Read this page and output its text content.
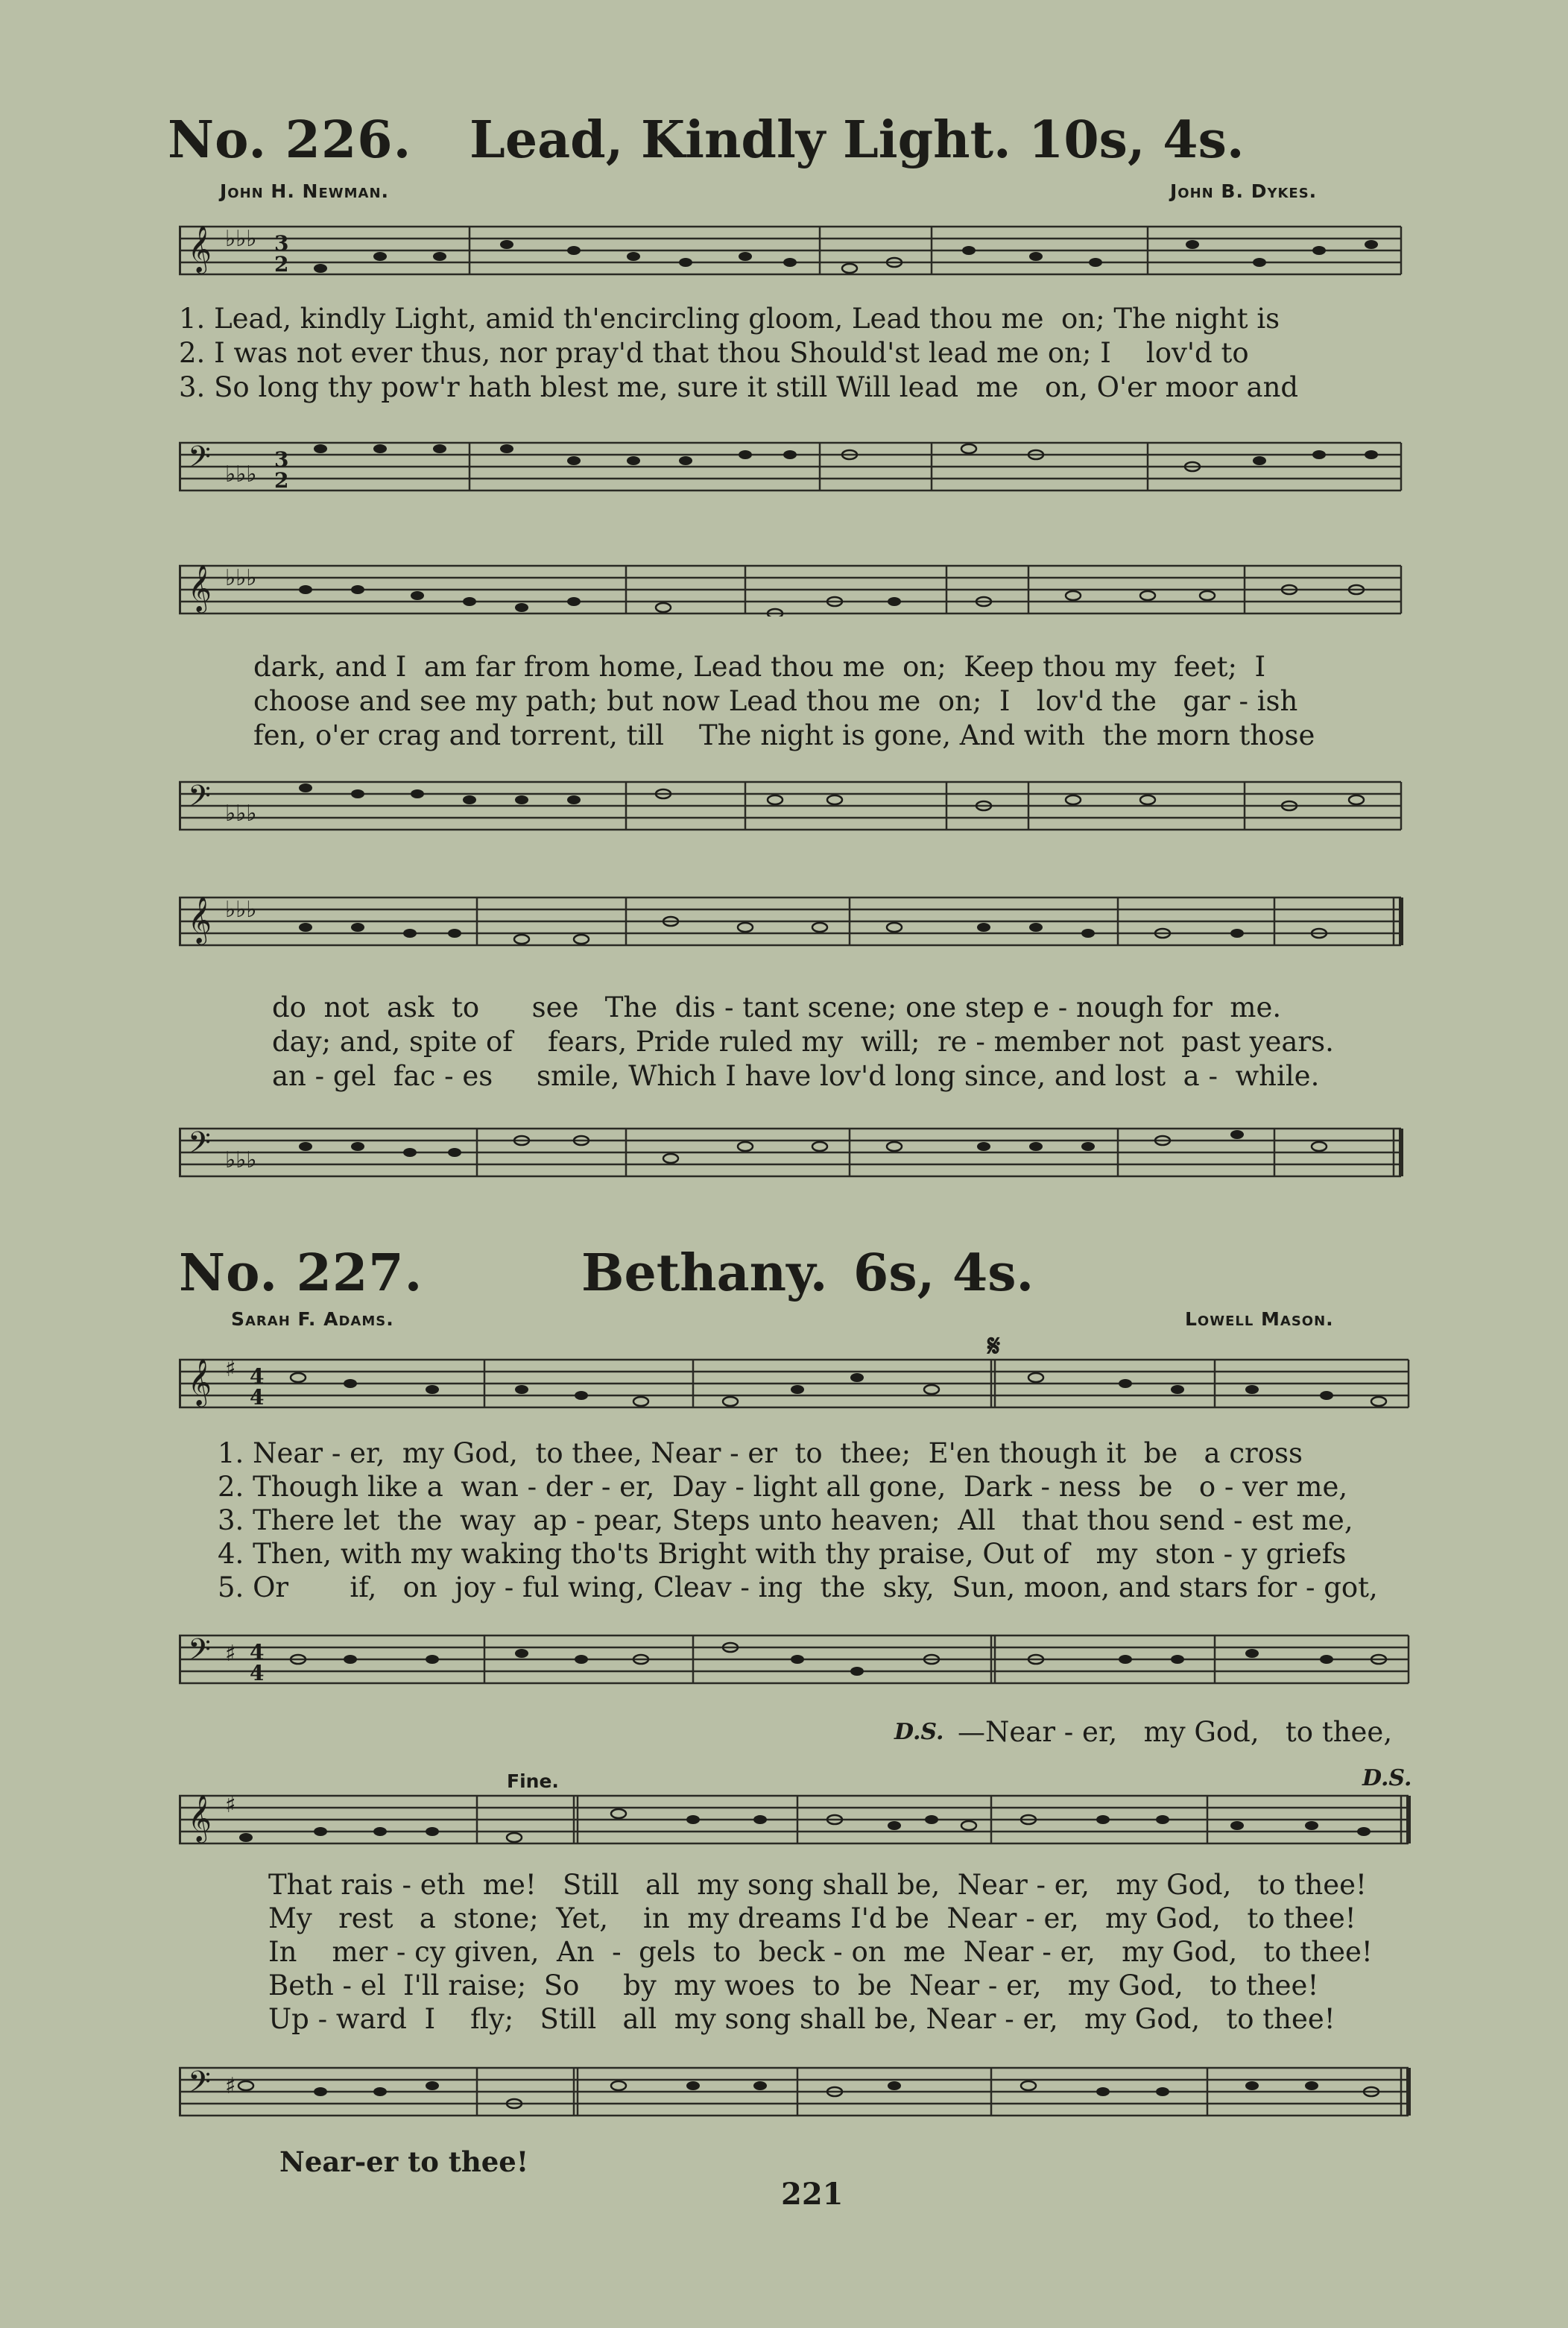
No. 226. Lead, Kindly Light. 10s, 4s.
John H. Newman.	John B. Dykes.
𝄞 ♭♭♭ 3
2
1. Lead, kindly Light, amid th'encircling gloom, Lead thou me  on; The night is
2. I was not ever thus, nor pray'd that thou Should'st lead me on; I    lov'd to
3. So long thy pow'r hath blest me, sure it still Will lead  me   on, O'er moor and
𝄢 ♭♭♭
3
2
𝄞 ♭♭♭
dark, and I  am far from home, Lead thou me  on;  Keep thou my  feet;  I
choose and see my path; but now Lead thou me  on;  I   lov'd the   gar - ish
fen, o'er crag and torrent, till    The night is gone, And with  the morn those
𝄢 ♭♭♭
𝄞 ♭♭♭
do  not  ask  to      see   The  dis - tant scene; one step e - nough for  me.
day; and, spite of    fears, Pride ruled my  will;  re - member not  past years.
an - gel  fac - es     smile, Which I have lov'd long since, and lost  a -  while.
𝄢 ♭♭♭
No. 227.	Bethany. 6s, 4s.
Sarah F. Adams.	Lowell Mason.
𝄋
𝄞 ♯ 4
4
1. Near - er,  my God,  to thee, Near - er  to  thee;  E'en though it  be   a cross
2. Though like a  wan - der - er,  Day - light all gone,  Dark - ness  be   o - ver me,
3. There let  the  way  ap - pear, Steps unto heaven;  All   that thou send - est me,
4. Then, with my waking tho'ts Bright with thy praise, Out of   my  ston - y griefs
5. Or       if,   on  joy - ful wing, Cleav - ing  the  sky,  Sun, moon, and stars for - got,
𝄢 ♯ 4
4
D.S. —Near - er,   my God,   to thee,
Fine.	D.S.
𝄞 ♯
That rais - eth  me!   Still   all  my song shall be,  Near - er,   my God,   to thee!
My   rest   a  stone;  Yet,    in  my dreams I'd be  Near - er,   my God,   to thee!
In    mer - cy given,  An  -  gels  to  beck - on  me  Near - er,   my God,   to thee!
Beth - el  I'll raise;  So     by  my woes  to  be  Near - er,   my God,   to thee!
Up - ward  I    fly;   Still   all  my song shall be, Near - er,   my God,   to thee!
𝄢 ♯
Near-er to thee!
221
